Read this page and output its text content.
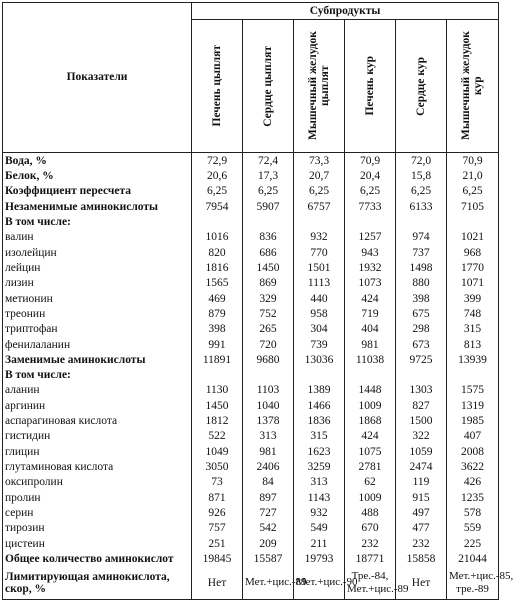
Показатели	Субпродукты					

	Печень цыплят	Сердце цыплят	Мышечный желудок цыплят	Печень кур	Сердце кур	Мышечный желудок кур

Вода, %	72,9	72,4	73,3	70,9	72,0	70,9
Белок, %	20,6	17,3	20,7	20,4	15,8	21,0
Коэффициент пересчета	6,25	6,25	6,25	6,25	6,25	6,25
Незаменимые аминокислоты	7954	5907	6757	7733	6133	7105
В том числе:						
валин	1016	836	932	1257	974	1021
изолейцин	820	686	770	943	737	968
лейцин	1816	1450	1501	1932	1498	1770
лизин	1565	869	1113	1073	880	1071
метионин	469	329	440	424	398	399
треонин	879	752	958	719	675	748
триптофан	398	265	304	404	298	315
фенилаланин	991	720	739	981	673	813
Заменимые аминокислоты	11891	9680	13036	11038	9725	13939
В том числе:						
аланин	1130	1103	1389	1448	1303	1575
аргинин	1450	1040	1466	1009	827	1319
аспарагиновая кислота	1812	1378	1836	1868	1500	1985
гистидин	522	313	315	424	322	407
глицин	1049	981	1623	1075	1059	2008
глутаминовая кислота	3050	2406	3259	2781	2474	3622
оксипролин	73	84	313	62	119	426
пролин	871	897	1143	1009	915	1235
серин	926	727	932	488	497	578
тирозин	757	542	549	670	477	559
цистеин	251	209	211	232	232	225
Общее количество аминокислот	19845	15587	19793	18771	15858	21044
Лимитирующая аминокислота, скор, %	Нет	Мет.+цис.-89	Мет.+цис.-90	Тре.-84, Мет.+цис.-89	Нет	Мет.+цис.-85, тре.-89
